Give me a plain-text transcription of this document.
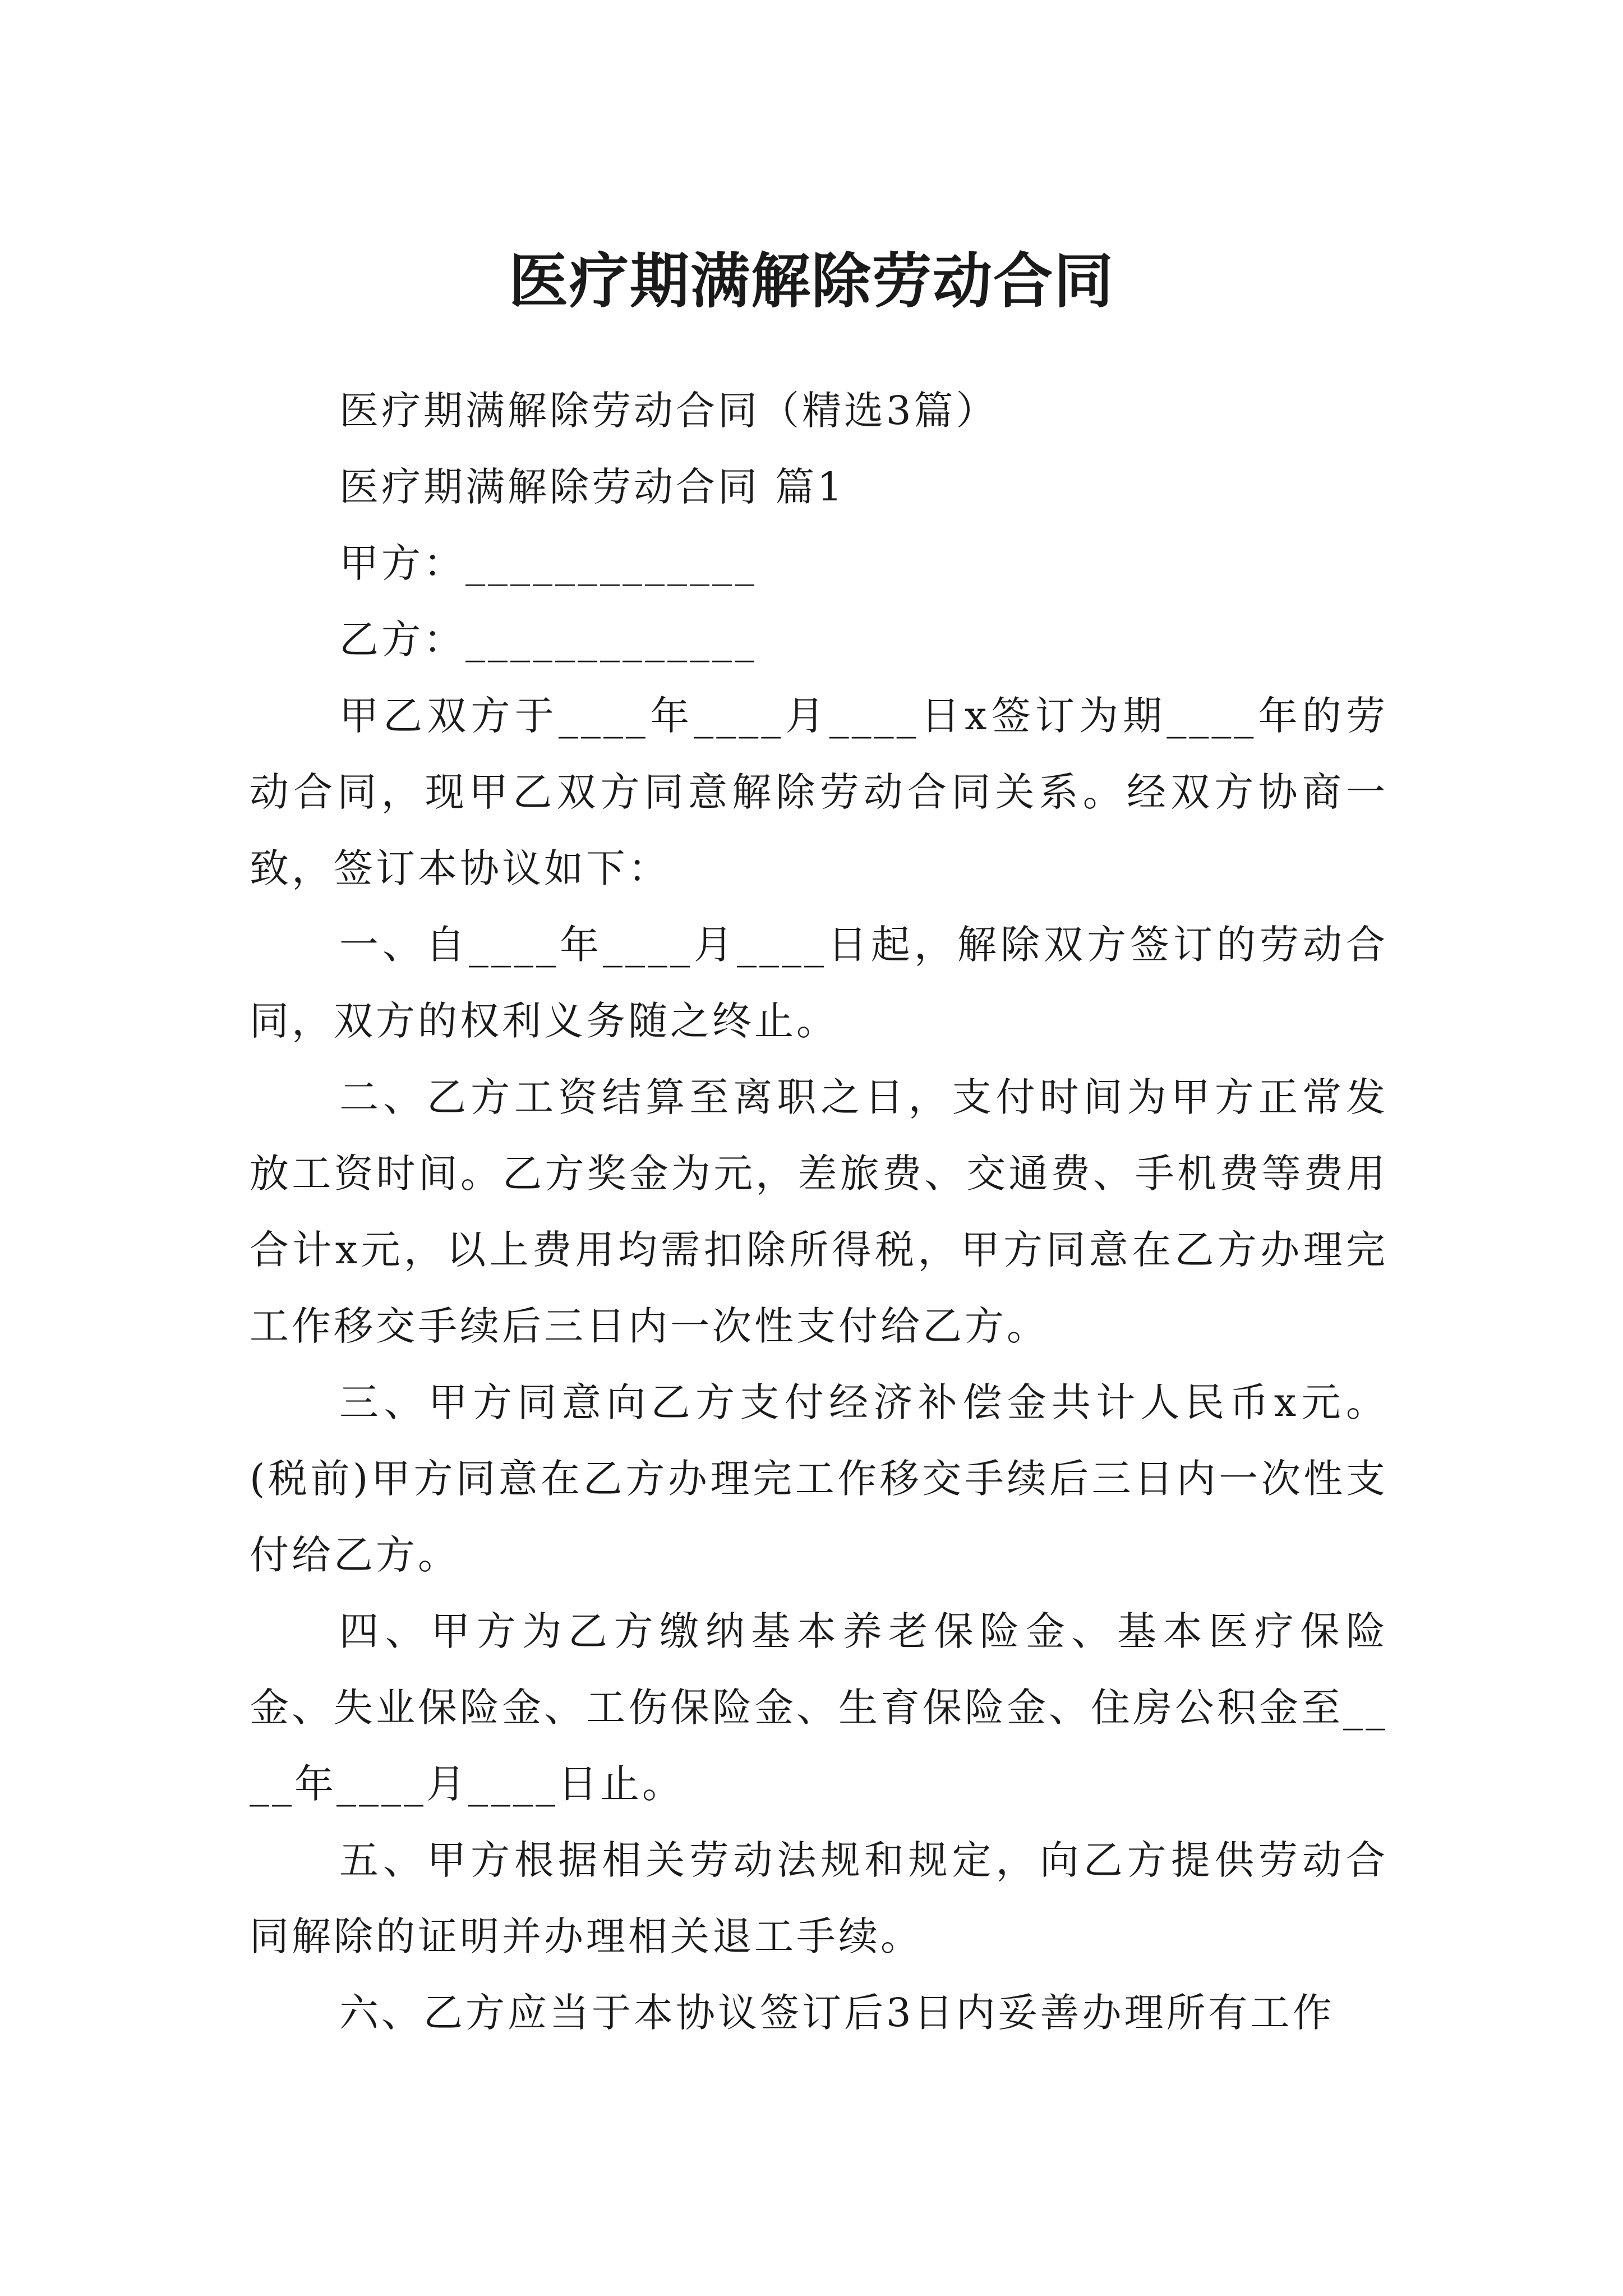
医疗期满解除劳动合同

医疗期满解除劳动合同（精选3篇）

医疗期满解除劳动合同 篇1

甲方：_____________

乙方：_____________

甲乙双方于____年____月____日x签订为期____年的劳动合同，现甲乙双方同意解除劳动合同关系。经双方协商一致，签订本协议如下：

一、自____年____月____日起，解除双方签订的劳动合同，双方的权利义务随之终止。

二、乙方工资结算至离职之日，支付时间为甲方正常发放工资时间。乙方奖金为元，差旅费、交通费、手机费等费用合计x元，以上费用均需扣除所得税，甲方同意在乙方办理完工作移交手续后三日内一次性支付给乙方。

三、甲方同意向乙方支付经济补偿金共计人民币x元。(税前)甲方同意在乙方办理完工作移交手续后三日内一次性支付给乙方。

四、甲方为乙方缴纳基本养老保险金、基本医疗保险金、失业保险金、工伤保险金、生育保险金、住房公积金至____年____月____日止。

五、甲方根据相关劳动法规和规定，向乙方提供劳动合同解除的证明并办理相关退工手续。

六、乙方应当于本协议签订后3日内妥善办理所有工作
